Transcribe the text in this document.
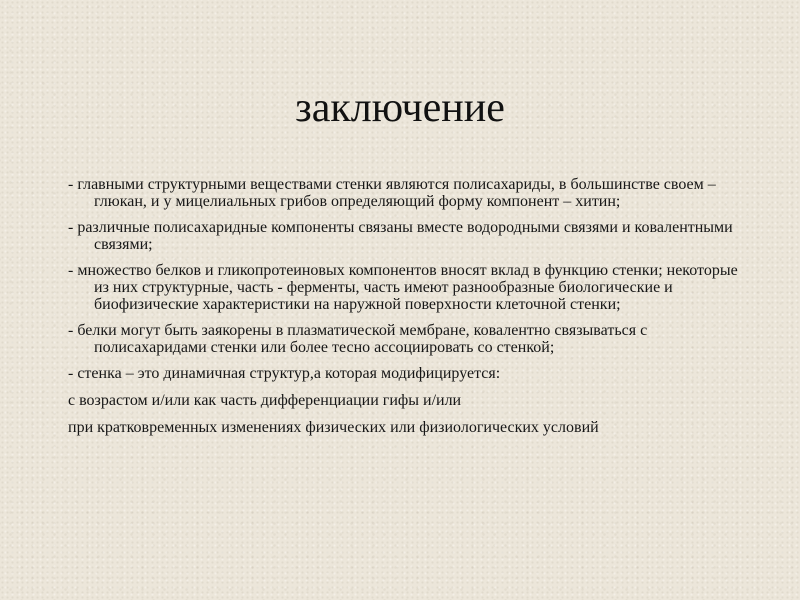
заключение

- главными структурными веществами стенки являются полисахариды, в большинстве своем – глюкан, и у мицелиальных грибов определяющий форму компонент – хитин;

- различные полисахаридные компоненты связаны вместе водородными связями и ковалентными связями;

- множество белков и гликопротеиновых компонентов вносят вклад в функцию стенки; некоторые из них структурные, часть - ферменты, часть имеют разнообразные биологические и биофизические характеристики на наружной поверхности клеточной стенки;

- белки могут быть заякорены в плазматической мембране, ковалентно связываться с полисахаридами стенки или более тесно ассоциировать со стенкой;

- стенка – это динамичная структур,а которая модифицируется:

с возрастом и/или как часть дифференциации гифы и/или

при кратковременных изменениях физических или физиологических условий
